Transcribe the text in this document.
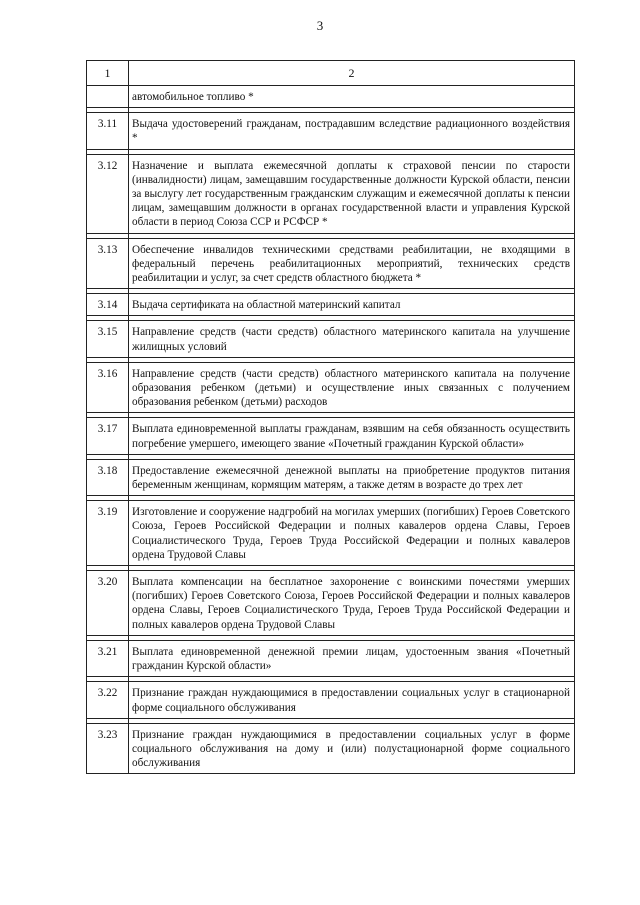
3
1	2
	автомобильное топливо *

3.11	Выдача удостоверений гражданам, пострадавшим вследствие радиационного воздействия *

3.12	Назначение и выплата ежемесячной доплаты к страховой пенсии по старости (инвалидности) лицам, замещавшим государственные должности Курской области, пенсии за выслугу лет государственным гражданским служащим и ежемесячной доплаты к пенсии лицам, замещавшим должности в органах государственной власти и управления Курской области в период Союза ССР и РСФСР *

3.13	Обеспечение инвалидов техническими средствами реабилитации, не входящими в федеральный перечень реабилитационных мероприятий, технических средств реабилитации и услуг, за счет средств областного бюджета *

3.14	Выдача сертификата на областной материнский капитал

3.15	Направление средств (части средств) областного материнского капитала на улучшение жилищных условий

3.16	Направление средств (части средств) областного материнского капитала на получение образования ребенком (детьми) и осуществление иных связанных с получением образования ребенком (детьми) расходов

3.17	Выплата единовременной выплаты гражданам, взявшим на себя обязанность осуществить погребение умершего, имеющего звание «Почетный гражданин Курской области»

3.18	Предоставление ежемесячной денежной выплаты на приобретение продуктов питания беременным женщинам, кормящим матерям, а также детям в возрасте до трех лет

3.19	Изготовление и сооружение надгробий на могилах умерших (погибших) Героев Советского Союза, Героев Российской Федерации и полных кавалеров ордена Славы, Героев Социалистического Труда, Героев Труда Российской Федерации и полных кавалеров ордена Трудовой Славы

3.20	Выплата компенсации на бесплатное захоронение с воинскими почестями умерших (погибших) Героев Советского Союза, Героев Российской Федерации и полных кавалеров ордена Славы, Героев Социалистического Труда, Героев Труда Российской Федерации и полных кавалеров ордена Трудовой Славы

3.21	Выплата единовременной денежной премии лицам, удостоенным звания «Почетный гражданин Курской области»

3.22	Признание граждан нуждающимися в предоставлении социальных услуг в стационарной форме социального обслуживания

3.23	Признание граждан нуждающимися в предоставлении социальных услуг в форме социального обслуживания на дому и (или) полустационарной форме социального обслуживания
